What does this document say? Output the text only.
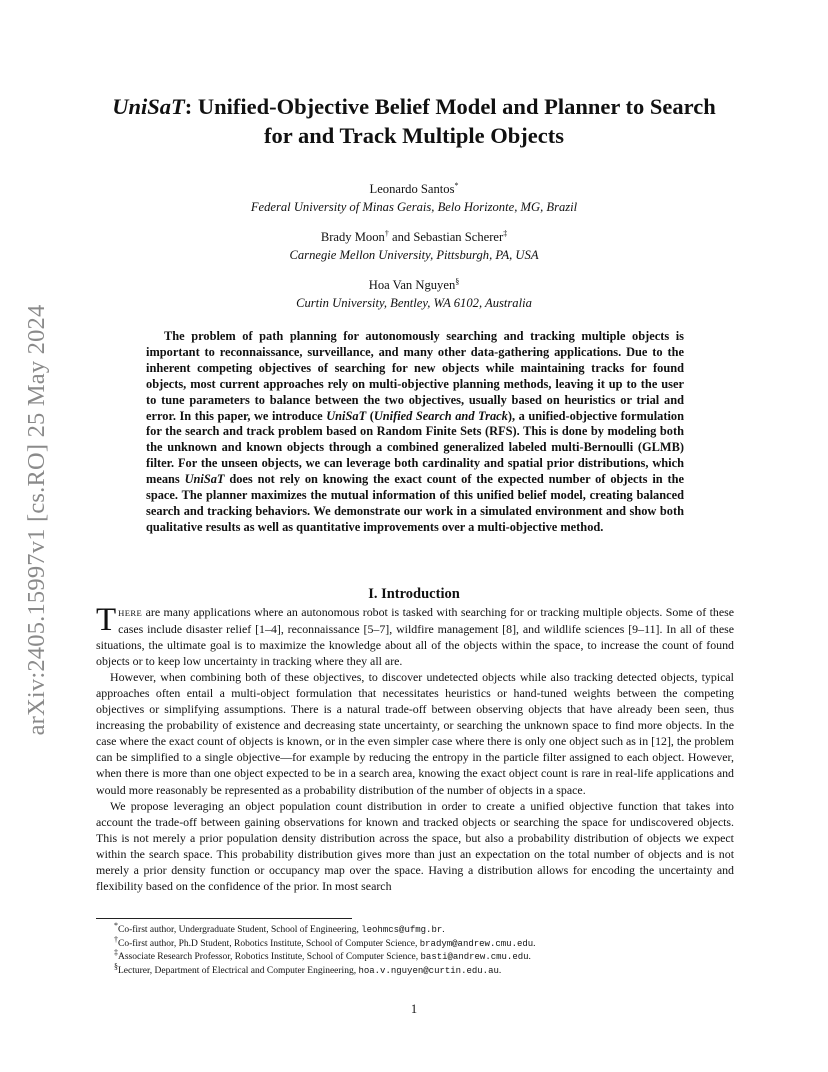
arXiv:2405.15997v1 [cs.RO] 25 May 2024
UniSaT: Unified-Objective Belief Model and Planner to Search
for and Track Multiple Objects
Leonardo Santos*
Federal University of Minas Gerais, Belo Horizonte, MG, Brazil
Brady Moon† and Sebastian Scherer‡
Carnegie Mellon University, Pittsburgh, PA, USA
Hoa Van Nguyen§
Curtin University, Bentley, WA 6102, Australia

The problem of path planning for autonomously searching and tracking multiple objects is important to reconnaissance, surveillance, and many other data-gathering applications. Due to the inherent competing objectives of searching for new objects while maintaining tracks for found objects, most current approaches rely on multi-objective planning methods, leaving it up to the user to tune parameters to balance between the two objectives, usually based on heuristics or trial and error. In this paper, we introduce UniSaT (Unified Search and Track), a unified-objective formulation for the search and track problem based on Random Finite Sets (RFS). This is done by modeling both the unknown and known objects through a combined generalized labeled multi-Bernoulli (GLMB) filter. For the unseen objects, we can leverage both cardinality and spatial prior distributions, which means UniSaT does not rely on knowing the exact count of the expected number of objects in the space. The planner maximizes the mutual information of this unified belief model, creating balanced search and tracking behaviors. We demonstrate our work in a simulated environment and show both qualitative results as well as quantitative improvements over a multi-objective method.

I. Introduction

THERE are many applications where an autonomous robot is tasked with searching for or tracking multiple objects. Some of these cases include disaster relief [1–4], reconnaissance [5–7], wildfire management [8], and wildlife sciences [9–11]. In all of these situations, the ultimate goal is to maximize the knowledge about all of the objects within the space, to increase the count of found objects or to keep low uncertainty in tracking where they all are.

However, when combining both of these objectives, to discover undetected objects while also tracking detected objects, typical approaches often entail a multi-object formulation that necessitates heuristics or hand-tuned weights between the competing objectives or simplifying assumptions. There is a natural trade-off between observing objects that have already been seen, thus increasing the probability of existence and decreasing state uncertainty, or searching the unknown space to find more objects. In the case where the exact count of objects is known, or in the even simpler case where there is only one object such as in [12], the problem can be simplified to a single objective—for example by reducing the entropy in the particle filter assigned to each object. However, when there is more than one object expected to be in a search area, knowing the exact object count is rare in real-life applications and would more reasonably be represented as a probability distribution of the number of objects in a space.

We propose leveraging an object population count distribution in order to create a unified objective function that takes into account the trade-off between gaining observations for known and tracked objects or searching the space for undiscovered objects. This is not merely a prior population density distribution across the space, but also a probability distribution of objects we expect within the search space. This probability distribution gives more than just an expectation on the total number of objects and is not merely a prior density function or occupancy map over the space. Having a distribution allows for encoding the uncertainty and flexibility based on the confidence of the prior. In most search

*Co-first author, Undergraduate Student, School of Engineering, leohmcs@ufmg.br.
†Co-first author, Ph.D Student, Robotics Institute, School of Computer Science, bradym@andrew.cmu.edu.
‡Associate Research Professor, Robotics Institute, School of Computer Science, basti@andrew.cmu.edu.
§Lecturer, Department of Electrical and Computer Engineering, hoa.v.nguyen@curtin.edu.au.
1
